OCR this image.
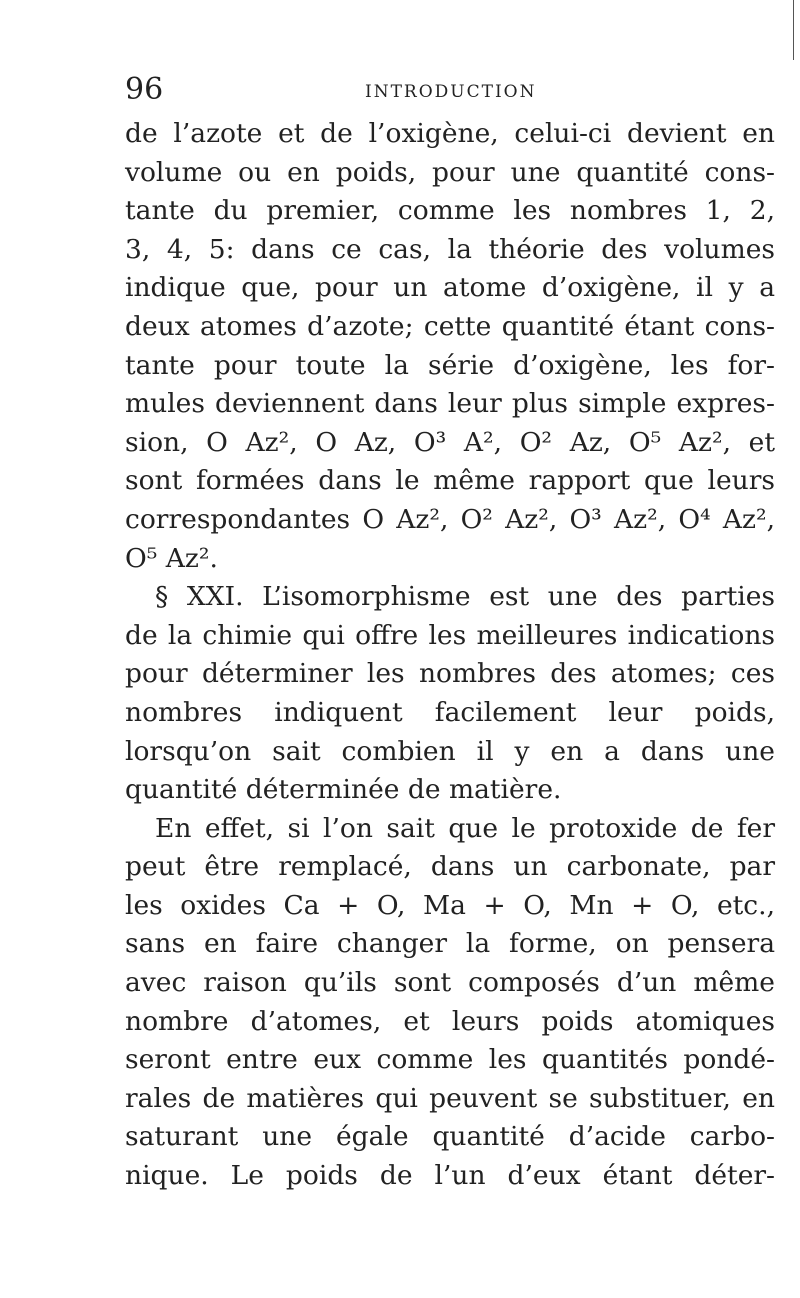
96	INTRODUCTION
de l’azote et de l’oxigène, celui-ci devient en
volume ou en poids, pour une quantité cons-
tante du premier, comme les nombres 1, 2,
3, 4, 5: dans ce cas, la théorie des volumes
indique que, pour un atome d’oxigène, il y a
deux atomes d’azote; cette quantité étant cons-
tante pour toute la série d’oxigène, les for-
mules deviennent dans leur plus simple expres-
sion, O Az², O Az, O³ A², O² Az, O⁵ Az², et
sont formées dans le même rapport que leurs
correspondantes O Az², O² Az², O³ Az², O⁴ Az²,
O⁵ Az².
§ XXI. L’isomorphisme est une des parties
de la chimie qui offre les meilleures indications
pour déterminer les nombres des atomes; ces
nombres indiquent facilement leur poids,
lorsqu’on sait combien il y en a dans une
quantité déterminée de matière.
En effet, si l’on sait que le protoxide de fer
peut être remplacé, dans un carbonate, par
les oxides Ca + O, Ma + O, Mn + O, etc.,
sans en faire changer la forme, on pensera
avec raison qu’ils sont composés d’un même
nombre d’atomes, et leurs poids atomiques
seront entre eux comme les quantités pondé-
rales de matières qui peuvent se substituer, en
saturant une égale quantité d’acide carbo-
nique. Le poids de l’un d’eux étant déter-
